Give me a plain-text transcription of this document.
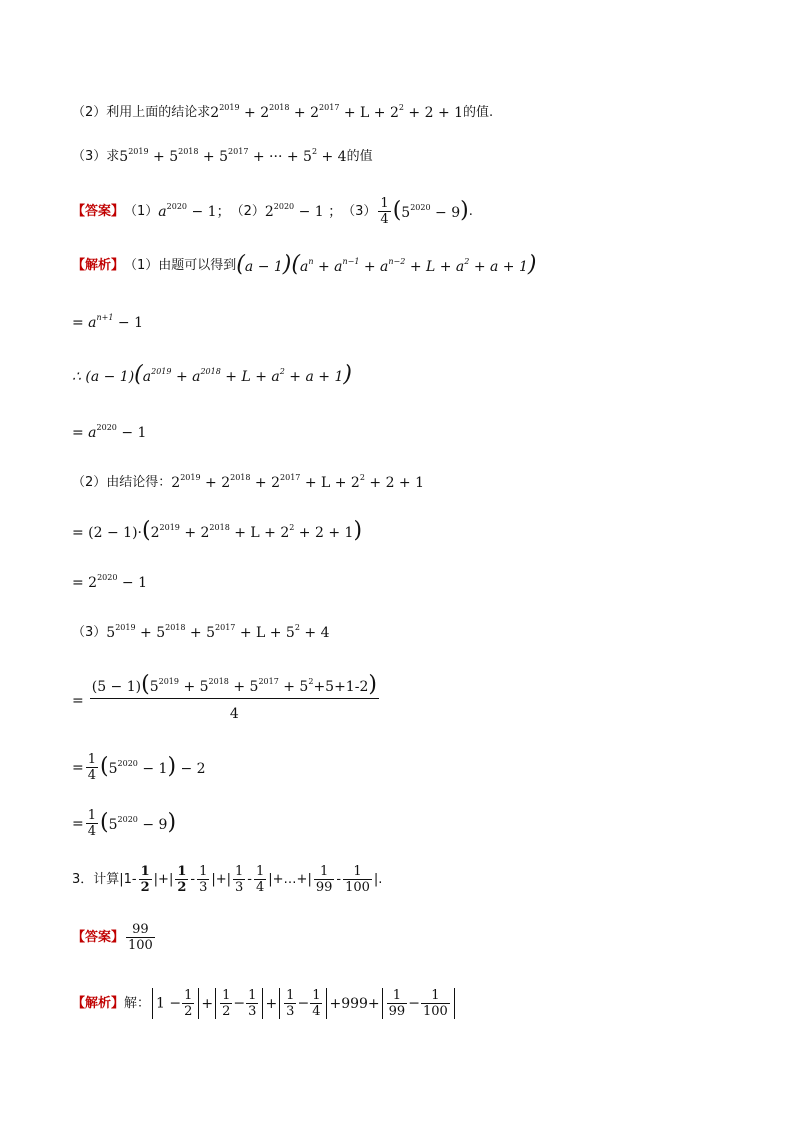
（2）利用上面的结论求 $2^{2019} + 2^{2018} + 2^{2017} + L + 2^2 + 2 + 1$ 的值.
（3）求 $5^{2019} + 5^{2018} + 5^{2017}$ + ··· + $5^2 + 4$ 的值
【答案】 （1） $a^{2020} - 1$； （2） $2^{2020} - 1$ ； $(3) \frac{1}{4} (5^{2020} - 9)$ .
【解析】 （1）由题可以得到 $(a - 1)(a^n + a^{n-1} + a^{n-2} + L + a^2 + a + 1)$
= $a^{n+1} - 1$
∴ $(a - 1)(a^{2019} + a^{2018} + L + a^2 + a + 1)$
= $a^{2020} - 1$
（2）由结论得： $2^{2019} + 2^{2018} + 2^{2017} + L + 2^2 + 2 + 1$
= $(2 - 1)\cdot(2^{2019} + 2^{2018} + L + 2^2 + 2 + 1)$
= $2^{2020} - 1$
（3） $5^{2019} + 5^{2018} + 5^{2017} + L + 5^2 + 4$
= $\frac{(5 - 1)(5^{2019} + 5^{2018} + 5^{2017} + 5^2+5+1-2)}{4}$
= $\frac{1}{4} (5^{2020} - 1) - 2$
= $\frac{1}{4} (5^{2020} - 9)$
3．计算$|1- \frac{1}{2}$ |+| $\frac{1}{2} - \frac{1}{3}$ |+| $\frac{1}{3} - \frac{1}{4}$ |+…+| $\frac{1}{99} - \frac{1}{100}$ |.
【答案】 $\frac{99}{100}$
【解析】 解： $1 - \frac{1}{2} + \frac{1}{2} - \frac{1}{3} + \frac{1}{3} - \frac{1}{4} +999+ \frac{1}{99} - \frac{1}{100}$
